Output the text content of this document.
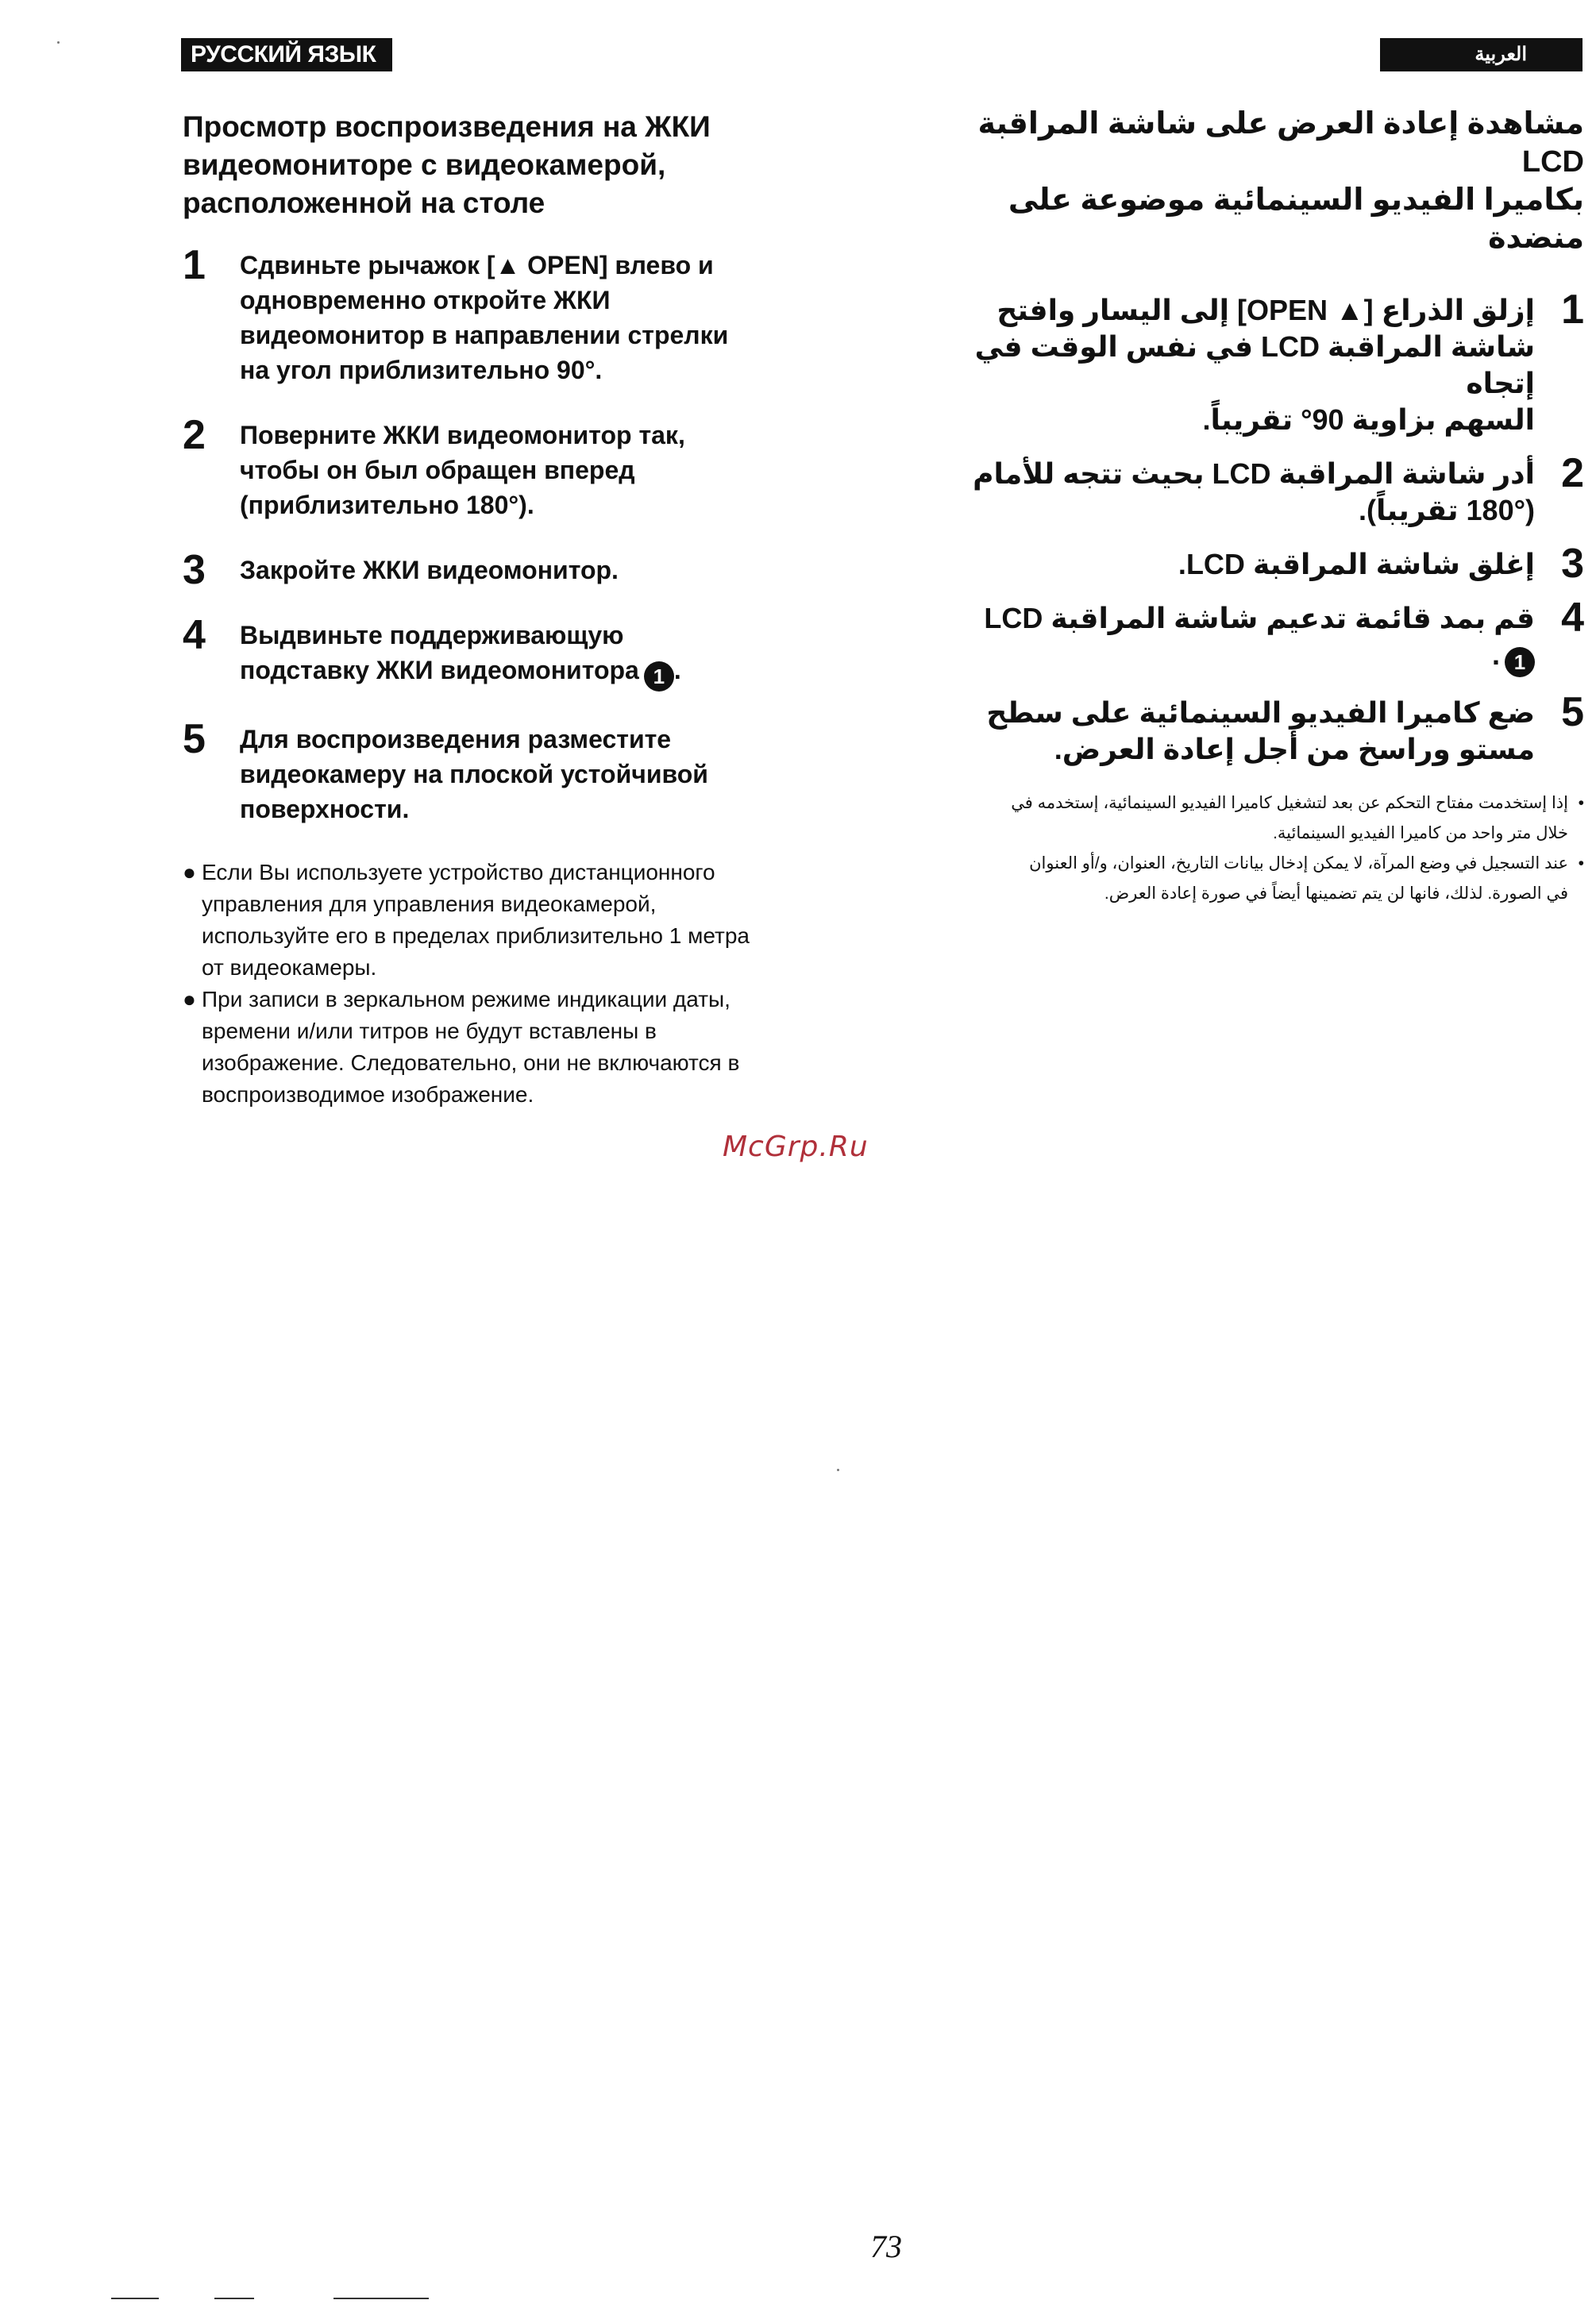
РУССКИЙ ЯЗЫК	العربية
Просмотр воспроизведения на ЖКИ
видеомониторе с видеокамерой,
расположенной на столе
1 Сдвиньте рычажок [▲ OPEN] влево и
одновременно откройте ЖКИ
видеомонитор в направлении стрелки
на угол приблизительно 90°.
2 Поверните ЖКИ видеомонитор так,
чтобы он был обращен вперед
(приблизительно 180°).
3 Закройте ЖКИ видеомонитор.
4 Выдвиньте поддерживающую
подставку ЖКИ видеомонитора 1 .
5 Для воспроизведения разместите
видеокамеру на плоской устойчивой
поверхности.
● Если Вы используете устройство дистанционного
управления для управления видеокамерой,
используйте его в пределах приблизительно 1 метра
от видеокамеры.
● При записи в зеркальном режиме индикации даты,
времени и/или титров не будут вставлены в
изображение. Следовательно, они не включаются в
воспроизводимое изображение.
مشاهدة إعادة العرض على شاشة المراقبة LCD
بكاميرا الفيديو السينمائية موضوعة على منضدة
1
إزلق الذراع [▲ OPEN] إلى اليسار وافتح
شاشة المراقبة LCD في نفس الوقت في إتجاه
السهم بزاوية 90° تقريباً.
2
أدر شاشة المراقبة LCD بحيث تتجه للأمام
(180° تقريباً).
3
إغلق شاشة المراقبة LCD.
4
قم بمد قائمة تدعيم شاشة المراقبة LCD1.
5
ضع كاميرا الفيديو السينمائية على سطح
مستو وراسخ من أجل إعادة العرض.
•
إذا إستخدمت مفتاح التحكم عن بعد لتشغيل كاميرا الفيديو السينمائية، إستخدمه في
خلال متر واحد من كاميرا الفيديو السينمائية.
•
عند التسجيل في وضع المرآة، لا يمكن إدخال بيانات التاريخ، العنوان، و/أو العنوان
في الصورة. لذلك، فانها لن يتم تضمينها أيضاً في صورة إعادة العرض.
McGrp.Ru
73
